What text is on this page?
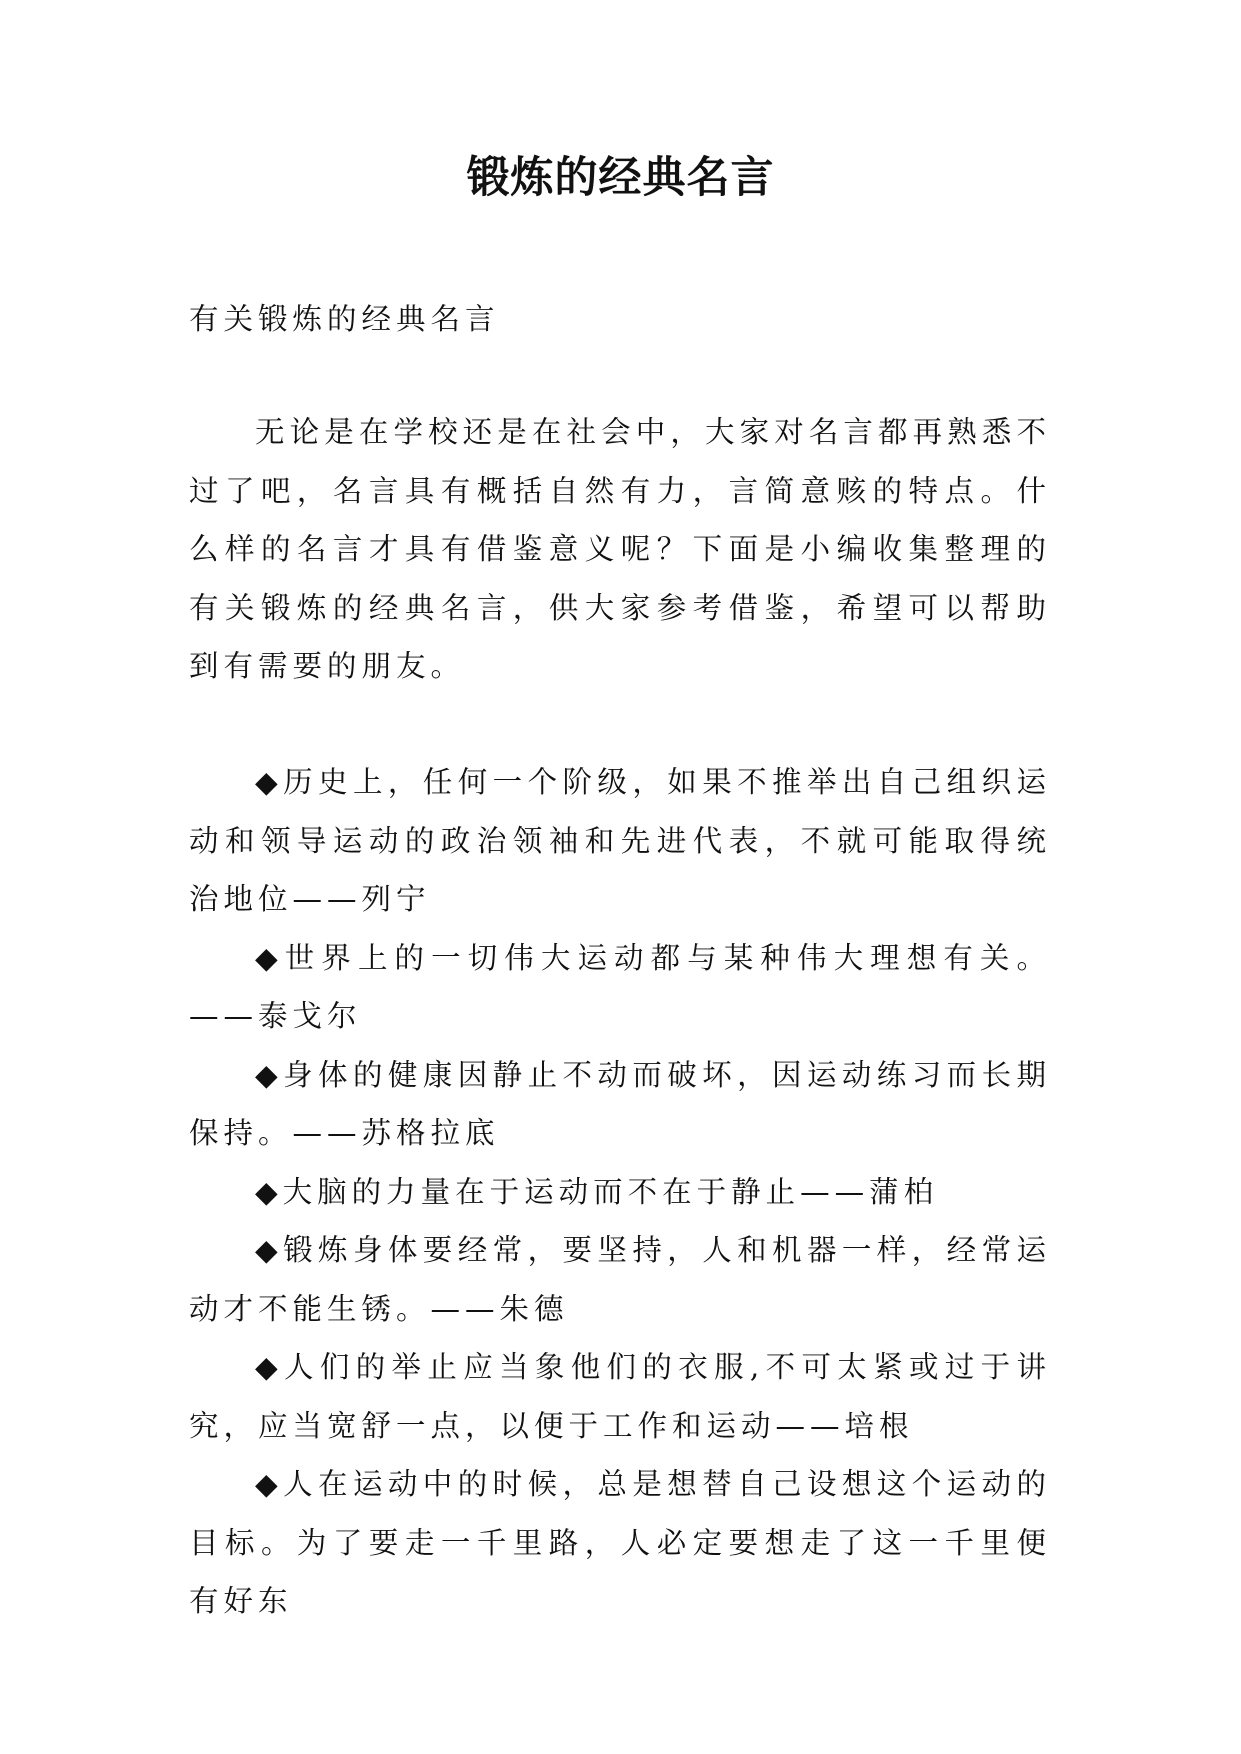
锻炼的经典名言

有关锻炼的经典名言

无论是在学校还是在社会中，大家对名言都再熟悉不过了吧，名言具有概括自然有力，言简意赅的特点。什么样的名言才具有借鉴意义呢？下面是小编收集整理的有关锻炼的经典名言，供大家参考借鉴，希望可以帮助到有需要的朋友。

◆历史上，任何一个阶级，如果不推举出自己组织运动和领导运动的政治领袖和先进代表，不就可能取得统治地位——列宁

◆世界上的一切伟大运动都与某种伟大理想有关。——泰戈尔

◆身体的健康因静止不动而破坏，因运动练习而长期保持。——苏格拉底

◆大脑的力量在于运动而不在于静止——蒲柏

◆锻炼身体要经常，要坚持，人和机器一样，经常运动才不能生锈。——朱德

◆人们的举止应当象他们的衣服,不可太紧或过于讲究，应当宽舒一点，以便于工作和运动——培根

◆人在运动中的时候，总是想替自己设想这个运动的目标。为了要走一千里路，人必定要想走了这一千里便有好东
